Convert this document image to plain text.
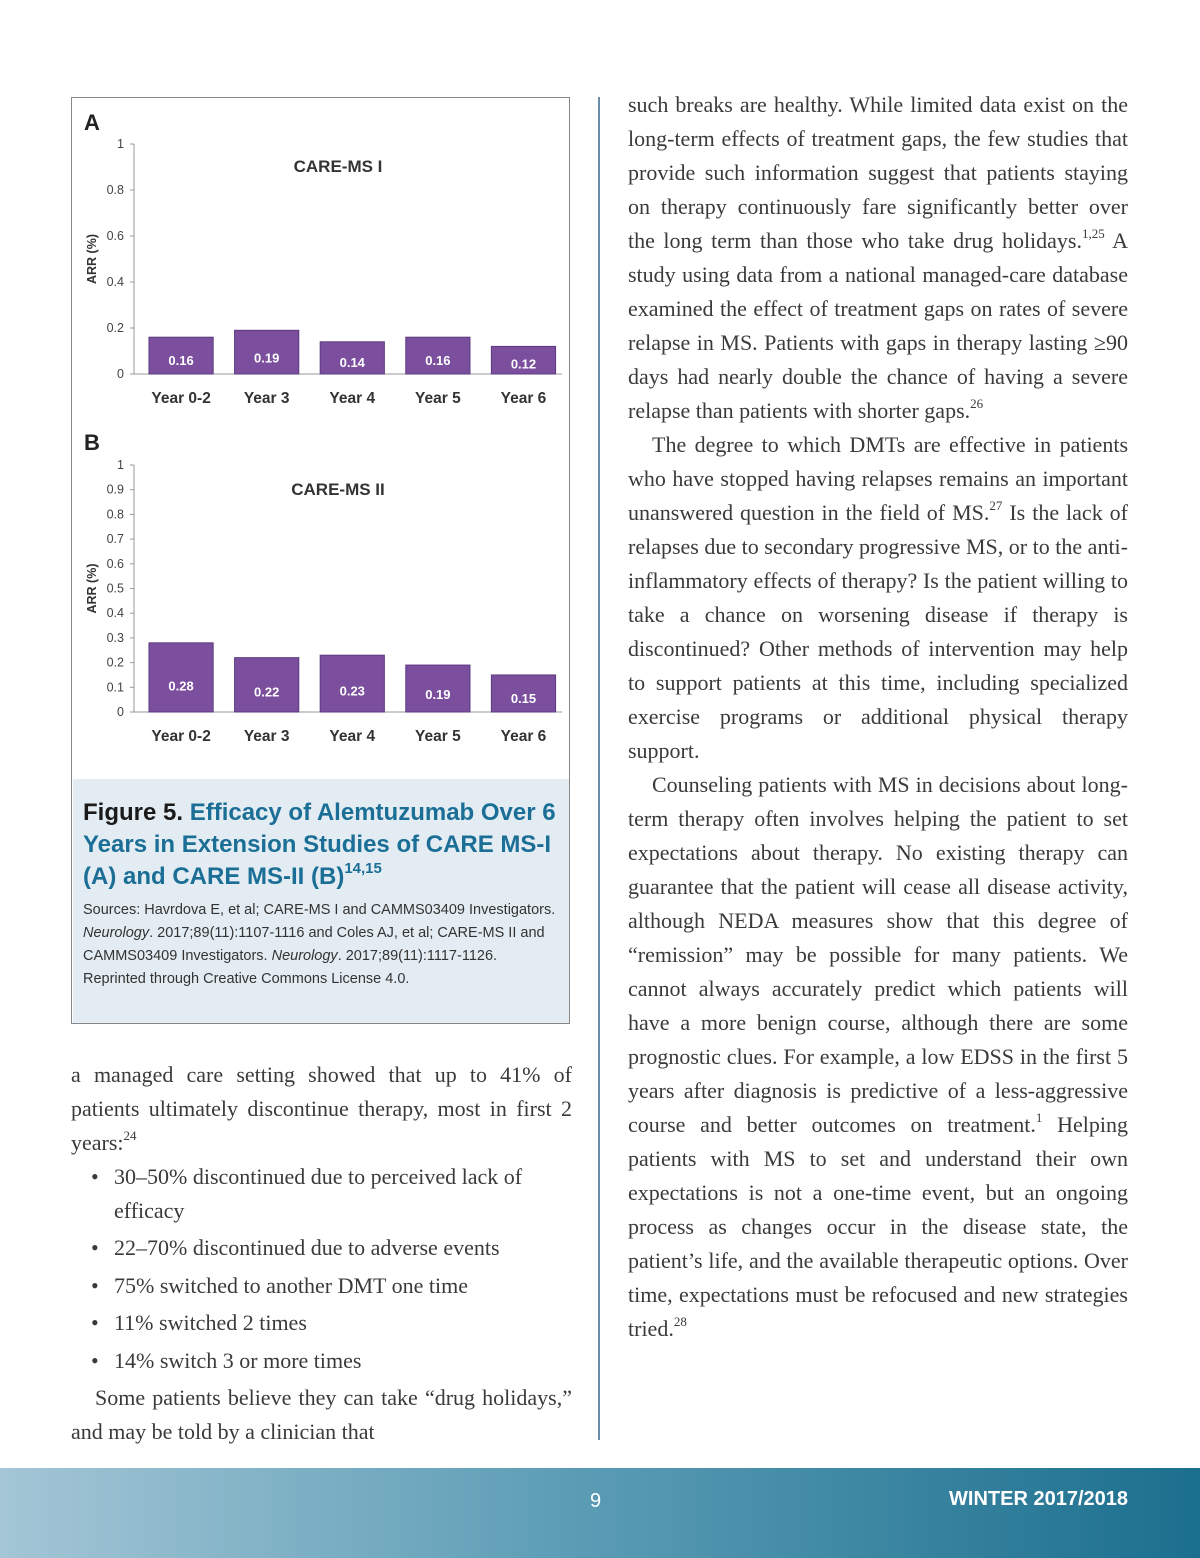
A
0
0.2
0.4
0.6
0.8
1
ARR (%)
CARE-MS I
0.16
Year 0-2
0.19
Year 3
0.14
Year 4
0.16
Year 5
0.12
Year 6
B
0
0.1
0.2
0.3
0.4
0.5
0.6
0.7
0.8
0.9
1
ARR (%)
CARE-MS II
0.28
Year 0-2
0.22
Year 3
0.23
Year 4
0.19
Year 5
0.15
Year 6
Figure 5. Efficacy of Alemtuzumab Over 6 Years in Extension Studies of CARE MS-I (A) and CARE MS-II $(B)^{14,15}$
Sources: Havrdova E, et al; CARE-MS I and CAMMS03409 Investigators. Neurology. 2017;89(11):1107-1116 and Coles AJ, et al; CARE-MS II and CAMMS03409 Investigators. Neurology. 2017;89(11):1117-1126.
Reprinted through Creative Commons License 4.0.

a managed care setting showed that up to 41% of patients ultimately discontinue therapy, most in first 2 years:$^{24}$

• 30–50% discontinued due to perceived lack of efficacy
• 22–70% discontinued due to adverse events
• 75% switched to another DMT one time
• 11% switched 2 times
• 14% switch 3 or more times

Some patients believe they can take “drug holidays,” and may be told by a clinician that

such breaks are healthy. While limited data exist on the long-term effects of treatment gaps, the few studies that provide such information suggest that patients staying on therapy continuously fare significantly better over the long term than those who take drug holidays.$^{1,25}$ A study using data from a national managed-care database examined the effect of treatment gaps on rates of severe relapse in MS. Patients with gaps in therapy lasting ≥90 days had nearly double the chance of having a severe relapse than patients with shorter gaps.$^{26}$

The degree to which DMTs are effective in patients who have stopped having relapses remains an important unanswered question in the field of MS.$^{27}$ Is the lack of relapses due to secondary progressive MS, or to the anti-inflammatory effects of therapy? Is the patient willing to take a chance on worsening disease if therapy is discontinued? Other methods of intervention may help to support patients at this time, including specialized exercise programs or additional physical therapy support.

Counseling patients with MS in decisions about long-term therapy often involves helping the patient to set expectations about therapy. No existing therapy can guarantee that the patient will cease all disease activity, although NEDA measures show that this degree of “remission” may be possible for many patients. We cannot always accurately predict which patients will have a more benign course, although there are some prognostic clues. For example, a low EDSS in the first 5 years after diagnosis is predictive of a less-aggressive course and better outcomes on treatment.$^1$ Helping patients with MS to set and understand their own expectations is not a one-time event, but an ongoing process as changes occur in the disease state, the patient’s life, and the available therapeutic options. Over time, expectations must be refocused and new strategies tried.$^{28}$

9	WINTER 2017/2018
